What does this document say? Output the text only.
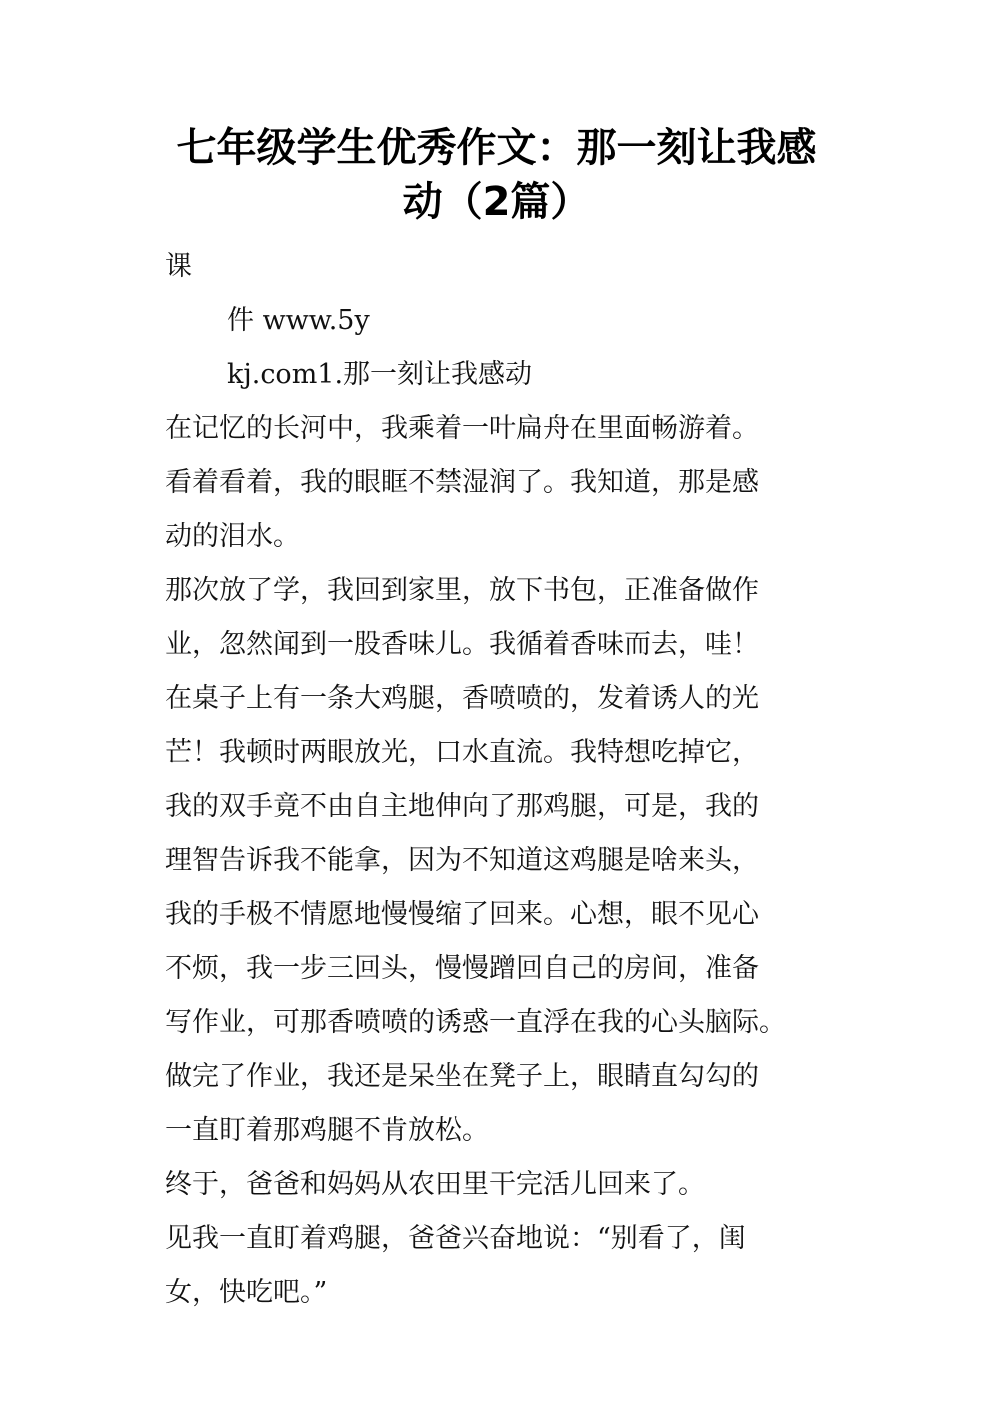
七年级学生优秀作文：那一刻让我感
动（2篇）
课
件 www.5y
kj.com1.那一刻让我感动
在记忆的长河中，我乘着一叶扁舟在里面畅游着。
看着看着，我的眼眶不禁湿润了。我知道，那是感
动的泪水。
那次放了学，我回到家里，放下书包，正准备做作
业，忽然闻到一股香味儿。我循着香味而去，哇！
在桌子上有一条大鸡腿，香喷喷的，发着诱人的光
芒！我顿时两眼放光，口水直流。我特想吃掉它，
我的双手竟不由自主地伸向了那鸡腿，可是，我的
理智告诉我不能拿，因为不知道这鸡腿是啥来头，
我的手极不情愿地慢慢缩了回来。心想，眼不见心
不烦，我一步三回头，慢慢蹭回自己的房间，准备
写作业，可那香喷喷的诱惑一直浮在我的心头脑际。
做完了作业，我还是呆坐在凳子上，眼睛直勾勾的
一直盯着那鸡腿不肯放松。
终于，爸爸和妈妈从农田里干完活儿回来了。
见我一直盯着鸡腿，爸爸兴奋地说：“别看了，闺
女，快吃吧。”
